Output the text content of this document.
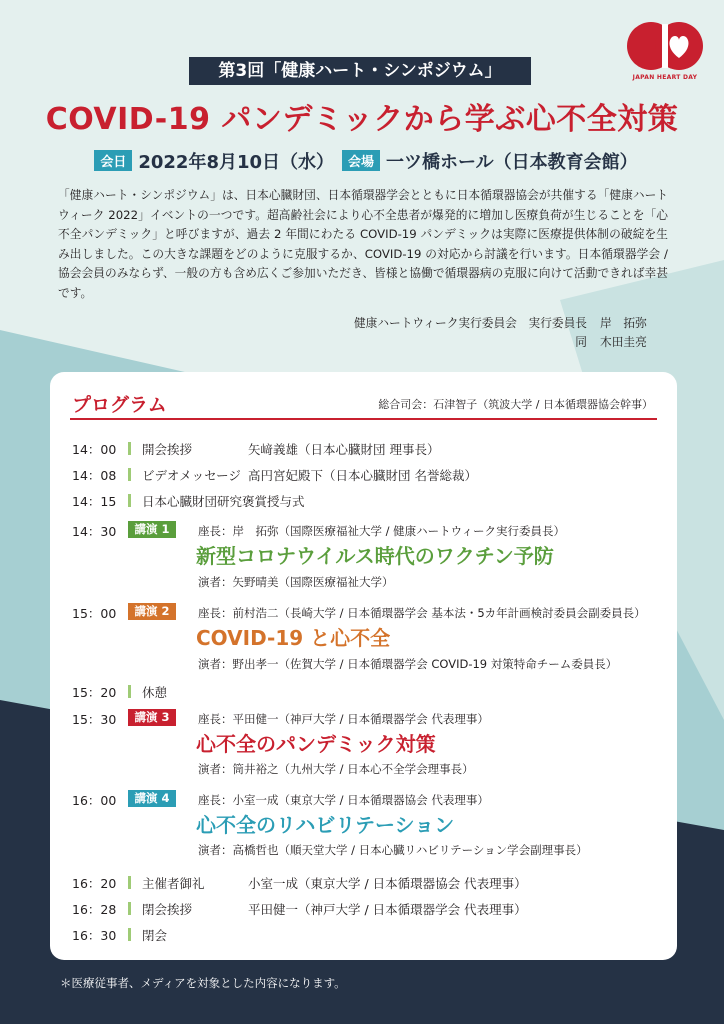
JAPAN HEART DAY
第3回「健康ハート・シンポジウム」
COVID-19 パンデミックから学ぶ心不全対策
会日 2022年8月10日（水） 会場 一ツ橋ホール（日本教育会館）
「健康ハート・シンポジウム」は、日本心臓財団、日本循環器学会とともに日本循環器協会が共催する「健康ハートウィーク 2022」イベントの一つです。超高齢社会により心不全患者が爆発的に増加し医療負荷が生じることを「心不全パンデミック」と呼びますが、過去 2 年間にわたる COVID-19 パンデミックは実際に医療提供体制の破綻を生み出しました。この大きな課題をどのように克服するか、COVID-19 の対応から討議を行います。日本循環器学会 / 協会会員のみならず、一般の方も含め広くご参加いただき、皆様と協働で循環器病の克服に向けて活動できれば幸甚です。
健康ハートウィーク実行委員会　実行委員長 岸　拓弥
同 木田圭亮
プログラム	総合司会：石津智子（筑波大学 / 日本循環器協会幹事）
14：00 開会挨拶	矢﨑義雄（日本心臓財団 理事長）
14：08 ビデオメッセージ 高円宮妃殿下（日本心臓財団 名誉総裁）
14：15 日本心臓財団研究褒賞授与式
14：30	講演 1	座長：岸　拓弥（国際医療福祉大学 / 健康ハートウィーク実行委員長）
新型コロナウイルス時代のワクチン予防
演者：矢野晴美（国際医療福祉大学）
15：00	講演 2	座長：前村浩二（長崎大学 / 日本循環器学会 基本法・5カ年計画検討委員会副委員長）
COVID-19 と心不全
演者：野出孝一（佐賀大学 / 日本循環器学会 COVID-19 対策特命チーム委員長）
15：20 休憩
15：30	講演 3	座長：平田健一（神戸大学 / 日本循環器学会 代表理事）
心不全のパンデミック対策
演者：筒井裕之（九州大学 / 日本心不全学会理事長）
16：00	講演 4	座長：小室一成（東京大学 / 日本循環器協会 代表理事）
心不全のリハビリテーション
演者：高橋哲也（順天堂大学 / 日本心臓リハビリテーション学会副理事長）
16：20 主催者御礼	小室一成（東京大学 / 日本循環器協会 代表理事）
16：28 閉会挨拶	平田健一（神戸大学 / 日本循環器学会 代表理事）
16：30 閉会
＊医療従事者、メディアを対象とした内容になります。
